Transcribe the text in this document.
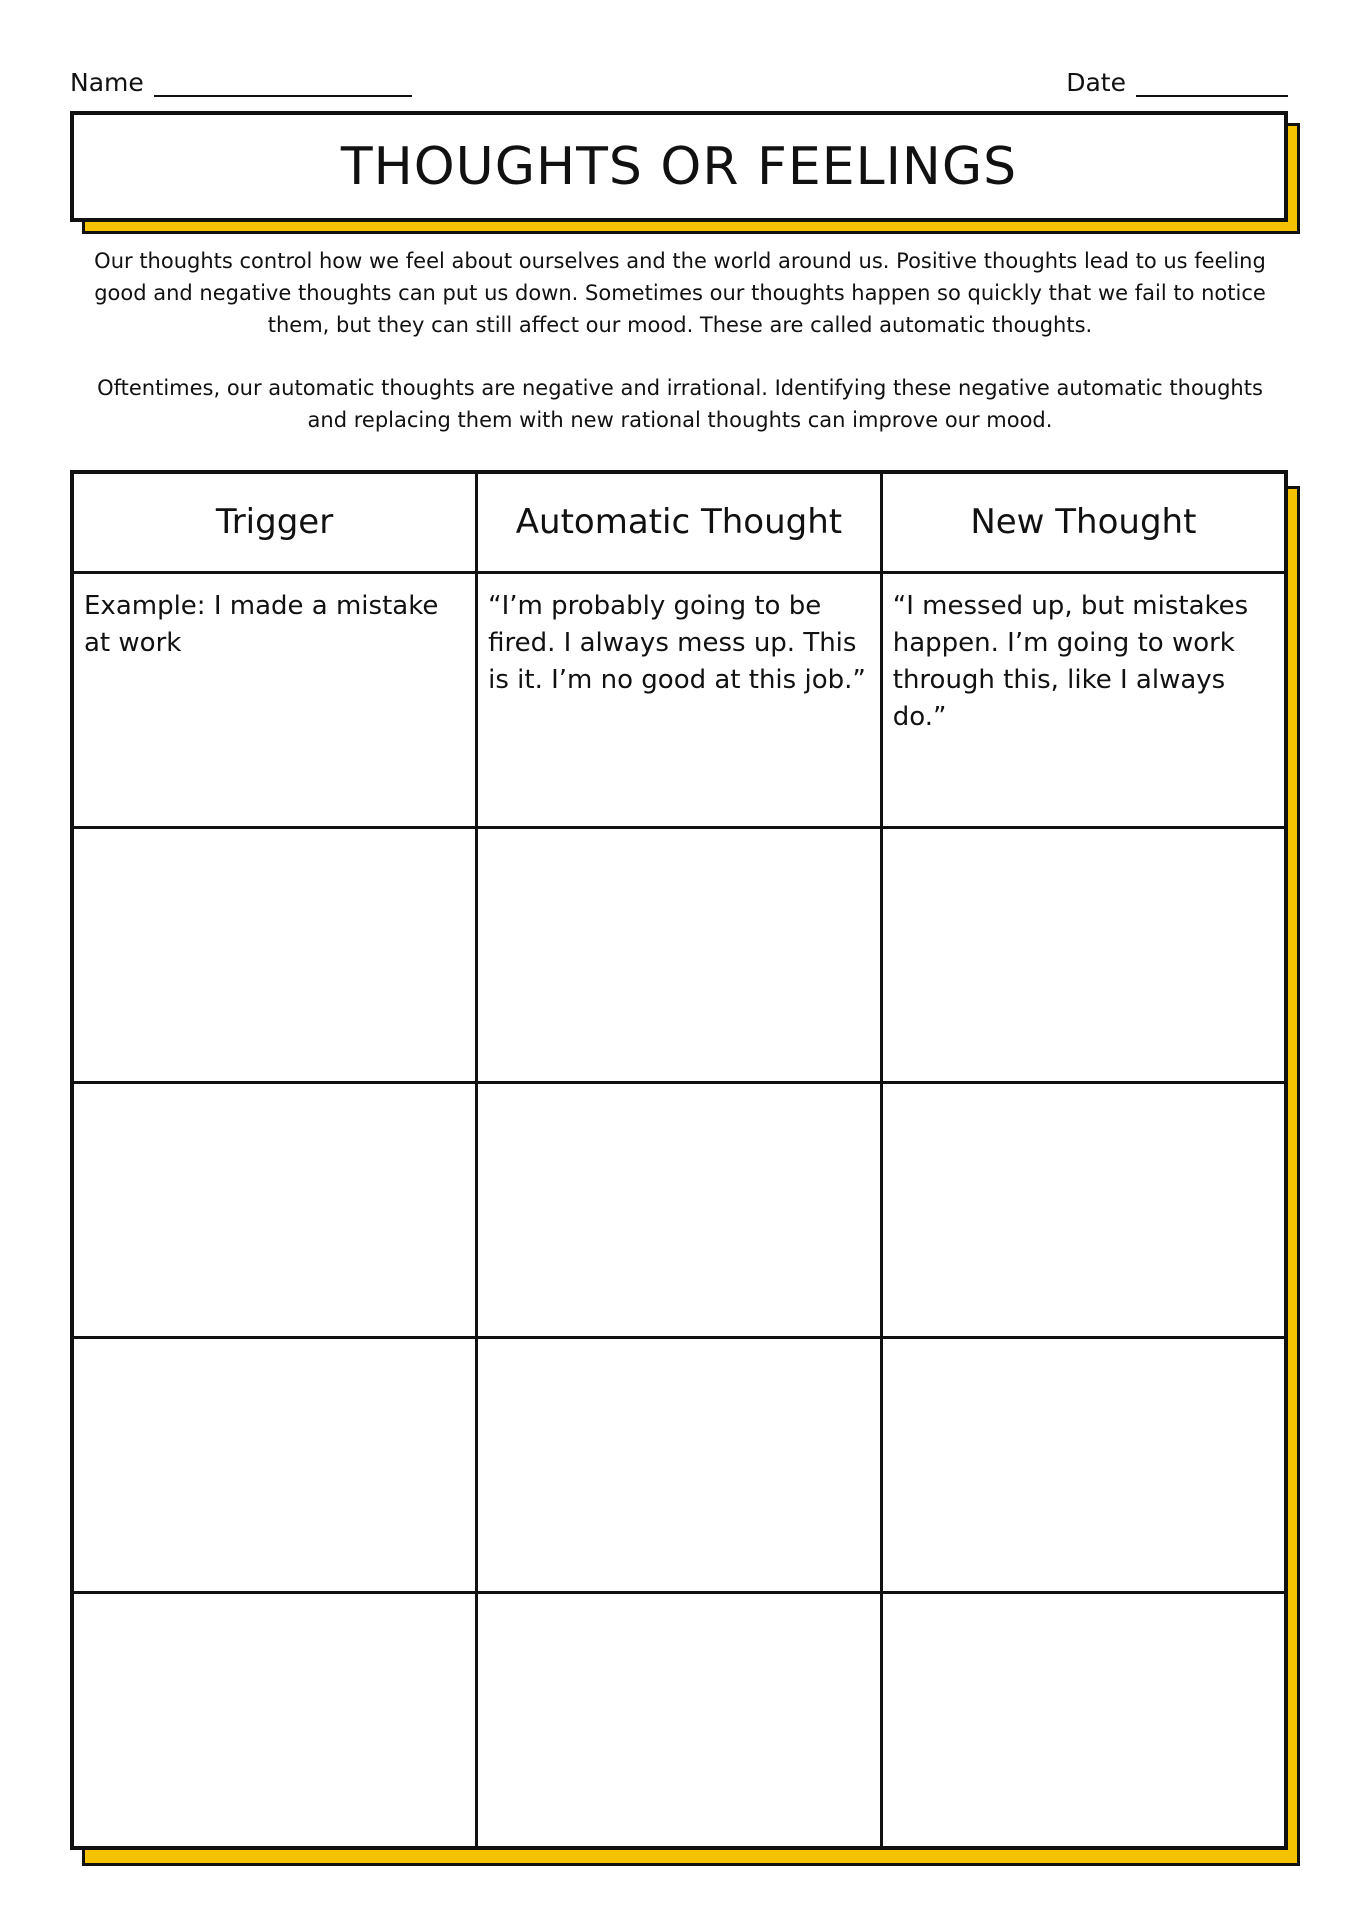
Name	Date
THOUGHTS OR FEELINGS
Our thoughts control how we feel about ourselves and the world around us. Positive thoughts lead to us feeling good and negative thoughts can put us down. Sometimes our thoughts happen so quickly that we fail to notice them, but they can still affect our mood. These are called automatic thoughts.
Oftentimes, our automatic thoughts are negative and irrational. Identifying these negative automatic thoughts and replacing them with new rational thoughts can improve our mood.
Trigger	Automatic Thought	New Thought
Example: I made a mistake at work	“I’m probably going to be fired. I always mess up. This is it. I’m no good at this job.”	“I messed up, but mistakes happen. I’m going to work through this, like I always do.”
